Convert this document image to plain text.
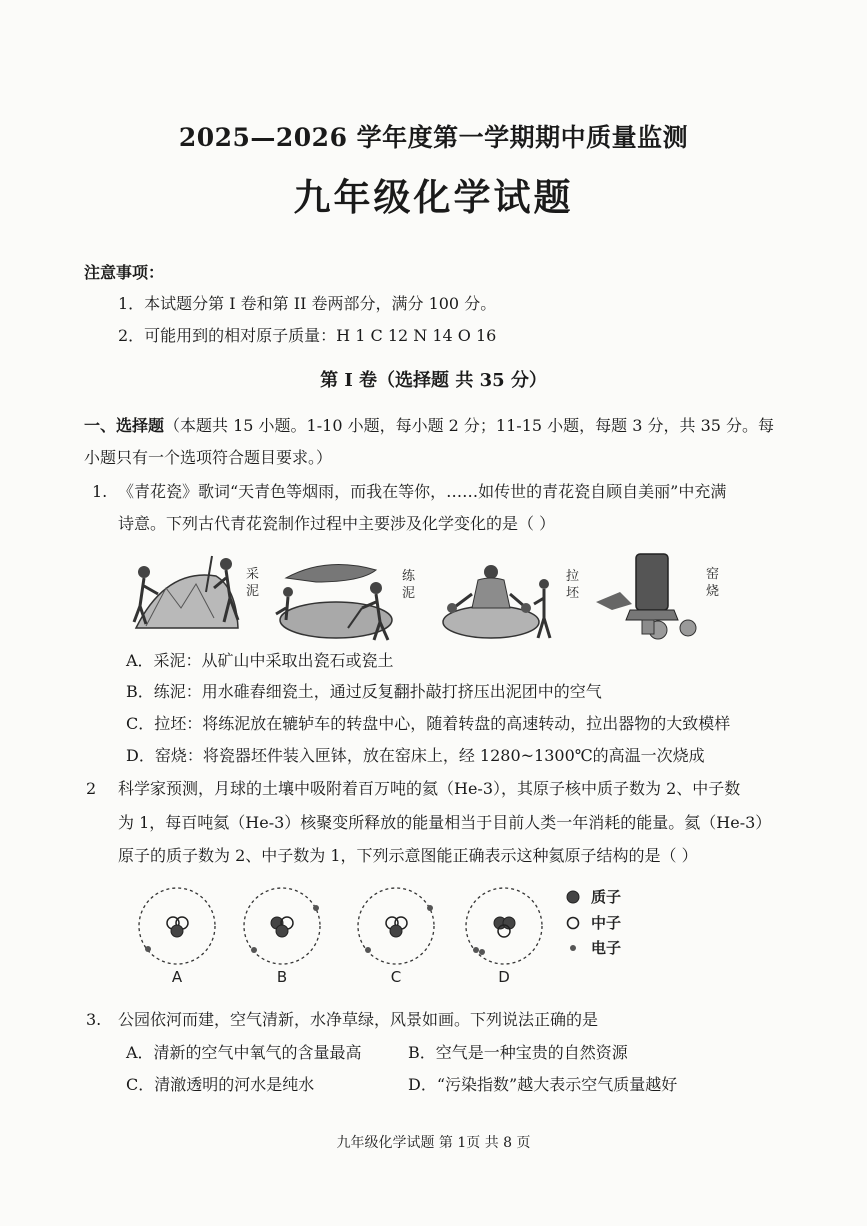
2025—2026 学年度第一学期期中质量监测
九年级化学试题
注意事项：
1．本试题分第 I 卷和第 II 卷两部分，满分 100 分。
2．可能用到的相对原子质量：H 1 C 12 N 14 O 16
第 I 卷（选择题 共 35 分）
一、选择题（本题共 15 小题。1-10 小题，每小题 2 分；11-15 小题，每题 3 分，共 35 分。每
小题只有一个选项符合题目要求。）
1. 《青花瓷》歌词“天青色等烟雨，而我在等你，……如传世的青花瓷自顾自美丽”中充满
诗意。下列古代青花瓷制作过程中主要涉及化学变化的是（ ）
采
泥
练
泥
拉
坯
窑
烧
A．采泥：从矿山中采取出瓷石或瓷土
B．练泥：用水碓舂细瓷土，通过反复翻扑敲打挤压出泥团中的空气
C．拉坯：将练泥放在辘轳车的转盘中心，随着转盘的高速转动，拉出器物的大致模样
D．窑烧：将瓷器坯件装入匣钵，放在窑床上，经 1280~1300℃的高温一次烧成
2 科学家预测，月球的土壤中吸附着百万吨的氦（He-3），其原子核中质子数为 2、中子数
为 1，每百吨氦（He-3）核聚变所释放的能量相当于目前人类一年消耗的能量。氦（He-3）
原子的质子数为 2、中子数为 1，下列示意图能正确表示这种氦原子结构的是（ ）
A	B	C	D
质子
中子
电子
3. 公园依河而建，空气清新，水净草绿，风景如画。下列说法正确的是
A．清新的空气中氧气的含量最高	B．空气是一种宝贵的自然资源
C．清澈透明的河水是纯水	D．“污染指数”越大表示空气质量越好
九年级化学试题 第 1页 共 8 页
